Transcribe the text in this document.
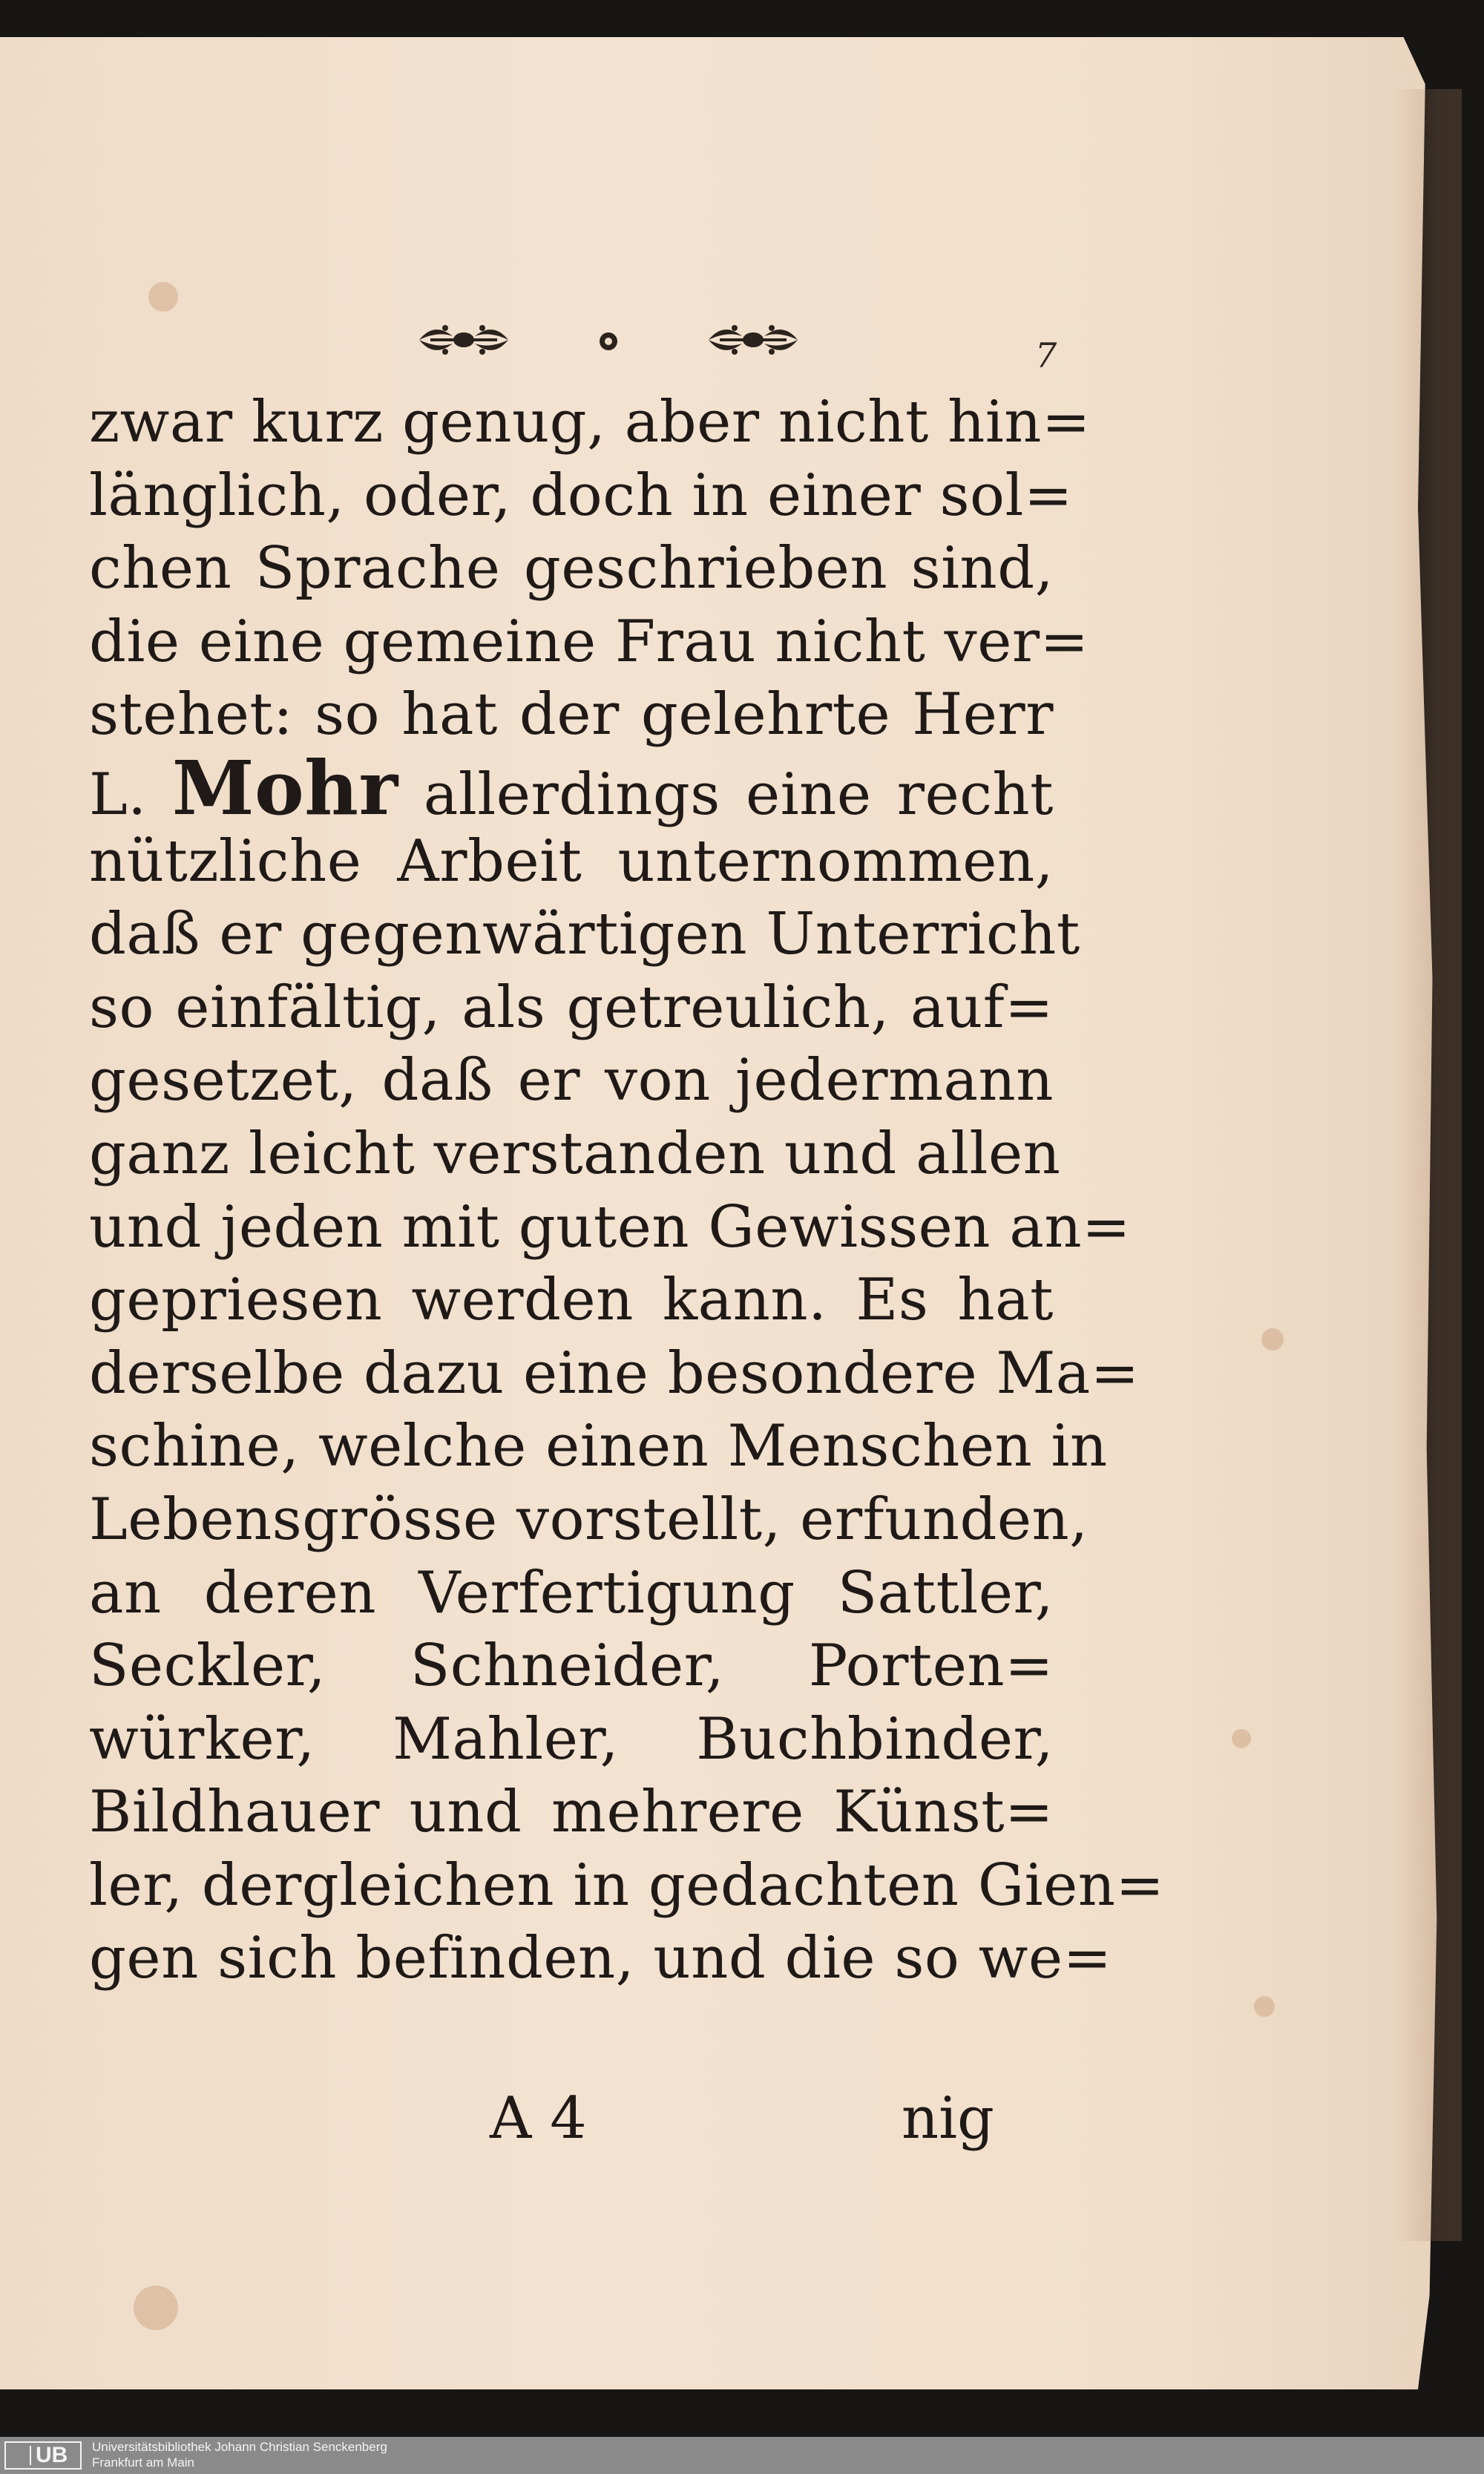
7
zwar kurz genug, aber nicht hin=
länglich, oder, doch in einer sol=
chen Sprache geschrieben sind,
die eine gemeine Frau nicht ver=
stehet: so hat der gelehrte Herr
L. Mohr allerdings eine recht
nützliche Arbeit unternommen,
daß er gegenwärtigen Unterricht
so einfältig, als getreulich, auf=
gesetzet, daß er von jedermann
ganz leicht verstanden und allen
und jeden mit guten Gewissen an=
gepriesen werden kann. Es hat
derselbe dazu eine besondere Ma=
schine, welche einen Menschen in
Lebensgrösse vorstellt, erfunden,
an deren Verfertigung Sattler,
Seckler, Schneider, Porten=
würker, Mahler, Buchbinder,
Bildhauer und mehrere Künst=
ler, dergleichen in gedachten Gien=
gen sich befinden, und die so we=
A 4	nig
UB	Universitätsbibliothek Johann Christian Senckenberg
Frankfurt am Main
